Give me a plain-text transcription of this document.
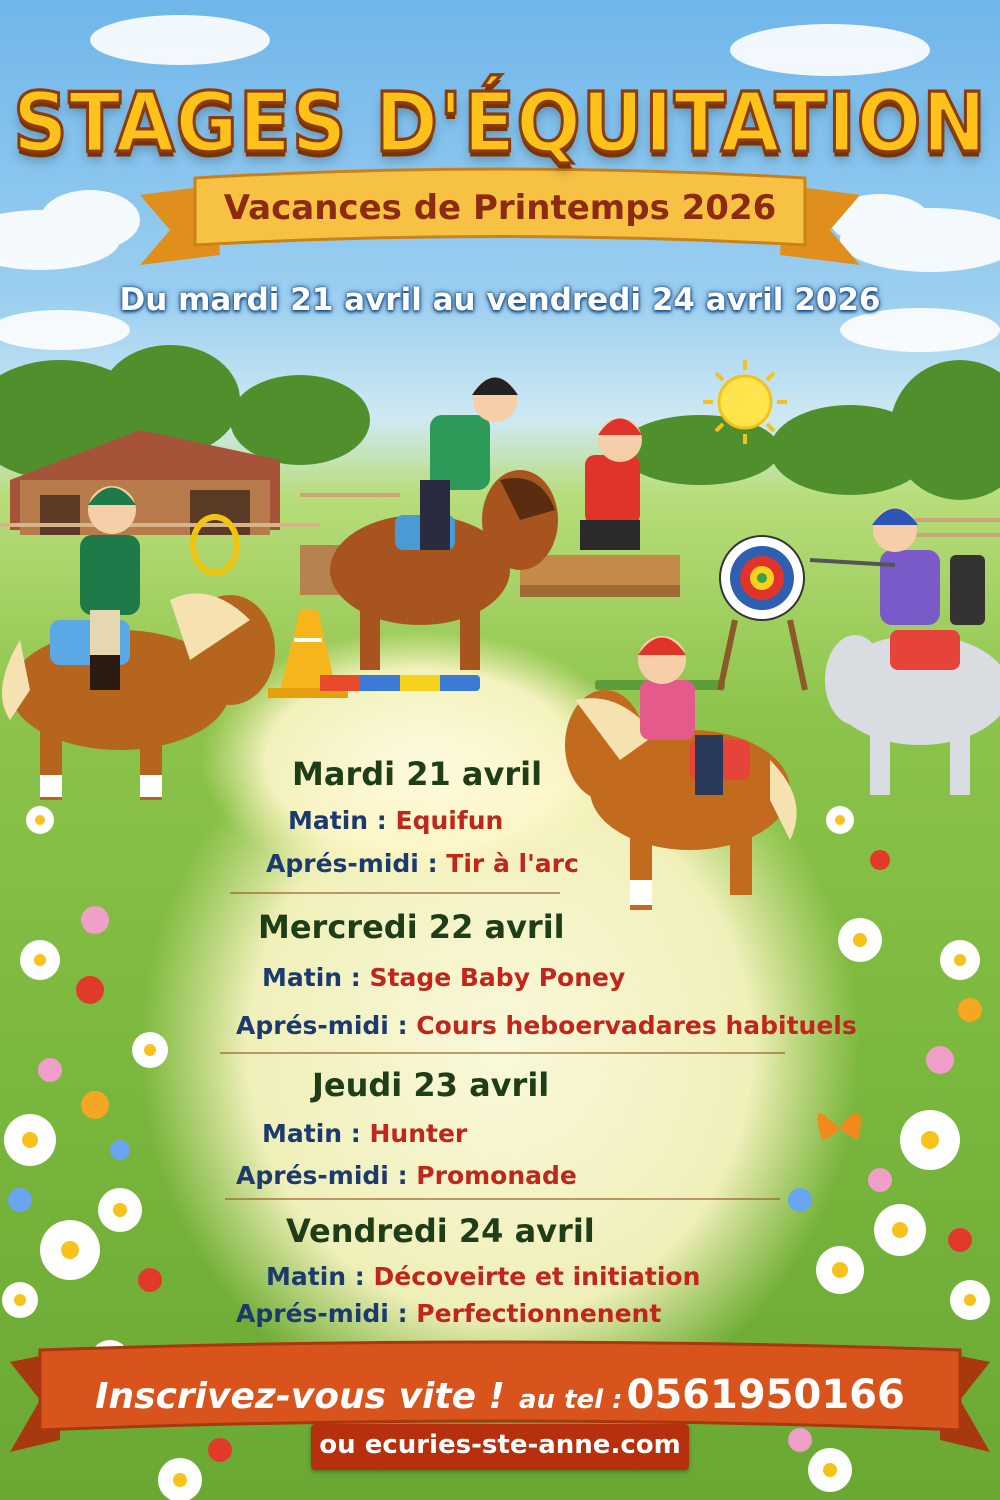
STAGES D'ÉQUITATION
Vacances de Printemps 2026
Du mardi 21 avril au vendredi 24 avril 2026
Mardi 21 avril
Matin : Equifun
Aprés-midi : Tir à l'arc
Mercredi 22 avril
Matin : Stage Baby Poney
Aprés-midi : Cours heboervadares habituels
Jeudi 23 avril
Matin : Hunter
Aprés-midi : Promonade
Vendredi 24 avril
Matin : Décoveirte et initiation
Aprés-midi : Perfectionnenent
Inscrivez-vous vite ! au tel : 0561950166
ou ecuries-ste-anne.com
